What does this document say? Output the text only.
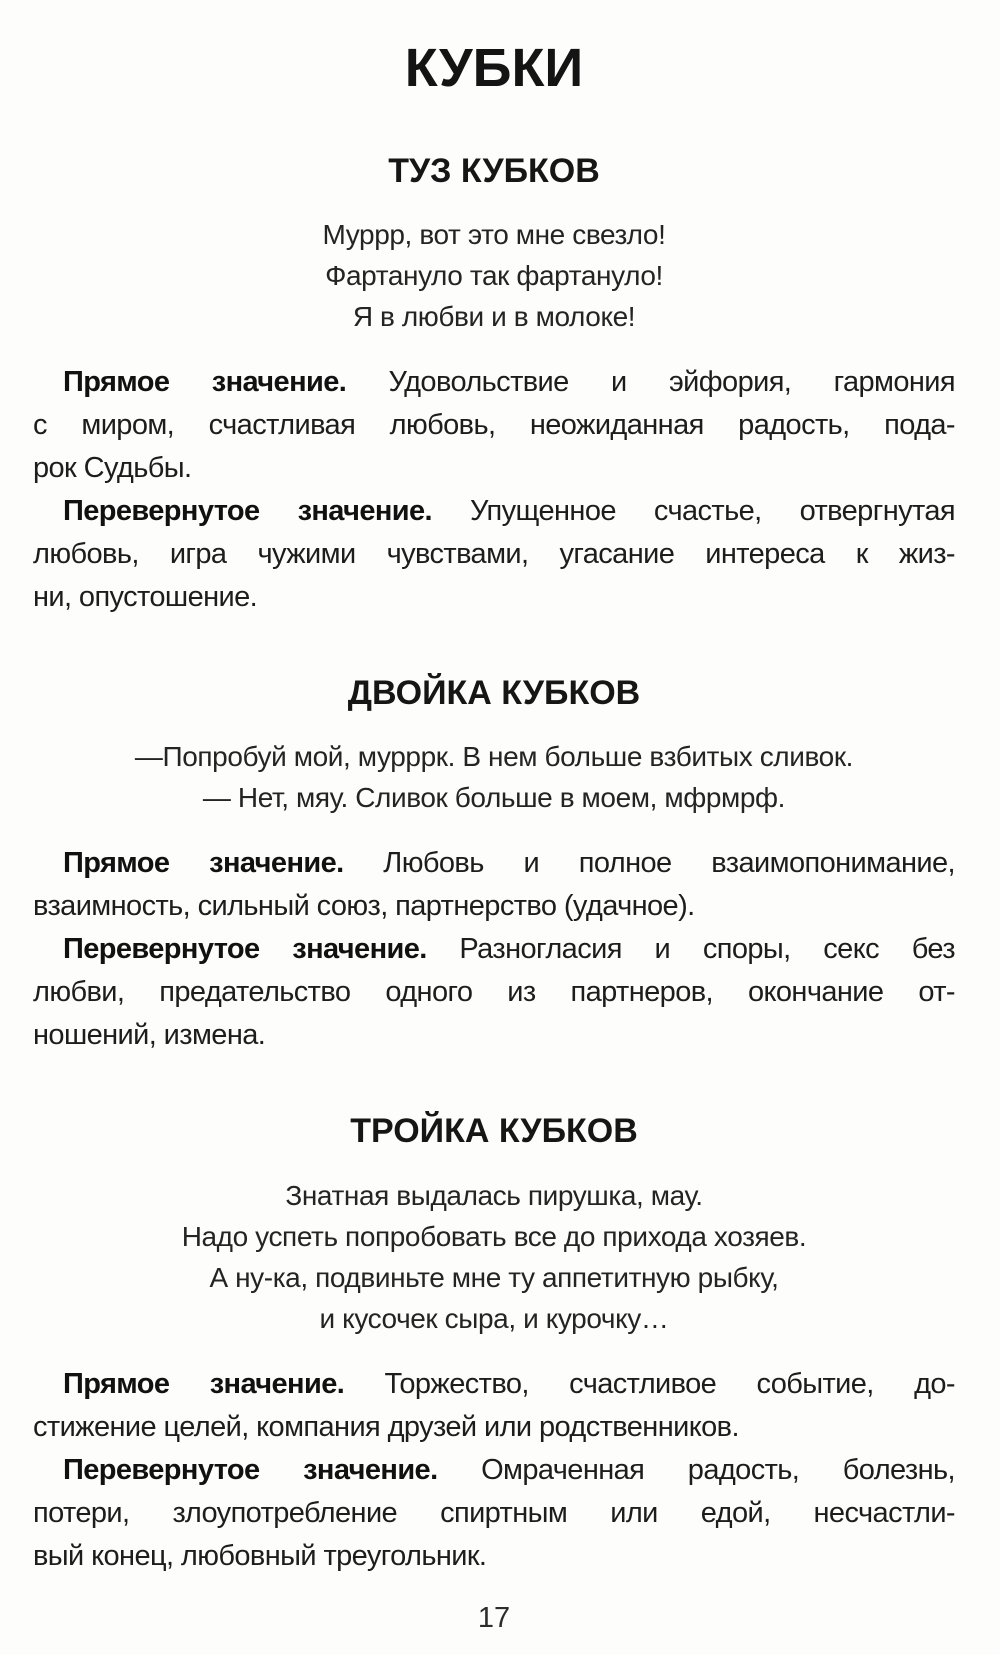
КУБКИ
ТУЗ КУБКОВ
Муррр, вот это мне свезло!
Фартануло так фартануло!
Я в любви и в молоке!
Прямое значение. Удовольствие и эйфория, гармония
с миром, счастливая любовь, неожиданная радость, пода-
рок Судьбы.
Перевернутое значение. Упущенное счастье, отвергнутая
любовь, игра чужими чувствами, угасание интереса к жиз-
ни, опустошение.
ДВОЙКА КУБКОВ
—Попробуй мой, мурррк. В нем больше взбитых сливок.
— Нет, мяу. Сливок больше в моем, мфрмрф.
Прямое значение. Любовь и полное взаимопонимание,
взаимность, сильный союз, партнерство (удачное).
Перевернутое значение. Разногласия и споры, секс без
любви, предательство одного из партнеров, окончание от-
ношений, измена.
ТРОЙКА КУБКОВ
Знатная выдалась пирушка, мау.
Надо успеть попробовать все до прихода хозяев.
А ну-ка, подвиньте мне ту аппетитную рыбку,
и кусочек сыра, и курочку…
Прямое значение. Торжество, счастливое событие, до-
стижение целей, компания друзей или родственников.
Перевернутое значение. Омраченная радость, болезнь,
потери, злоупотребление спиртным или едой, несчастли-
вый конец, любовный треугольник.
17
